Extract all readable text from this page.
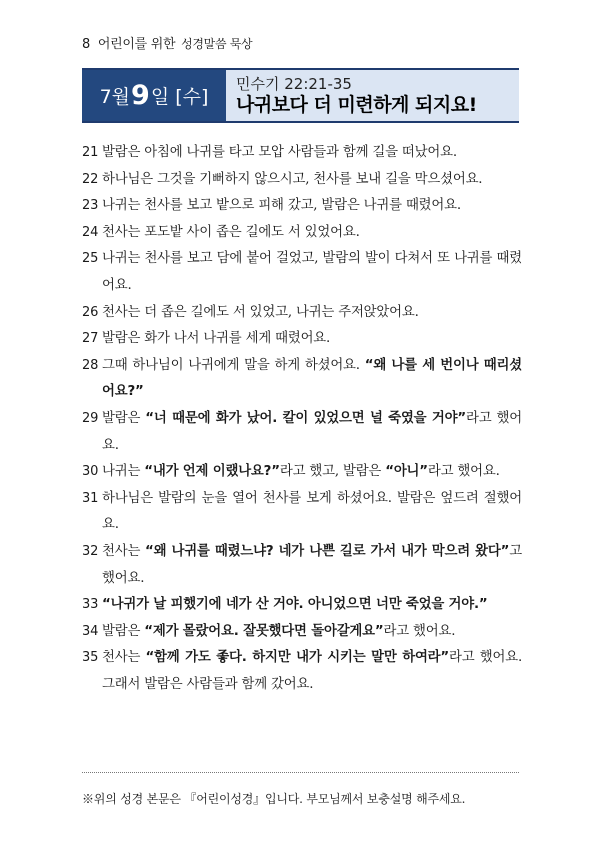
8 어린이를 위한 성경말씀 묵상
7월 9 일 [수]
민수기 22:21-35
나귀보다 더 미련하게 되지요!
21 발람은 아침에 나귀를 타고 모압 사람들과 함께 길을 떠났어요.
22 하나님은 그것을 기뻐하지 않으시고, 천사를 보내 길을 막으셨어요.
23 나귀는 천사를 보고 밭으로 피해 갔고, 발람은 나귀를 때렸어요.
24 천사는 포도밭 사이 좁은 길에도 서 있었어요.
25 나귀는 천사를 보고 담에 붙어 걸었고, 발람의 발이 다쳐서 또 나귀를 때렸어요.
26 천사는 더 좁은 길에도 서 있었고, 나귀는 주저앉았어요.
27 발람은 화가 나서 나귀를 세게 때렸어요.
28 그때 하나님이 나귀에게 말을 하게 하셨어요. “왜 나를 세 번이나 때리셨어요?”
29 발람은 “너 때문에 화가 났어. 칼이 있었으면 널 죽였을 거야”라고 했어요.
30 나귀는 “내가 언제 이랬나요?”라고 했고, 발람은 “아니”라고 했어요.
31 하나님은 발람의 눈을 열어 천사를 보게 하셨어요. 발람은 엎드려 절했어요.
32 천사는 “왜 나귀를 때렸느냐? 네가 나쁜 길로 가서 내가 막으려 왔다”고 했어요.
33 “나귀가 날 피했기에 네가 산 거야. 아니었으면 너만 죽었을 거야.”
34 발람은 “제가 몰랐어요. 잘못했다면 돌아갈게요”라고 했어요.
35 천사는 “함께 가도 좋다. 하지만 내가 시키는 말만 하여라”라고 했어요. 그래서 발람은 사람들과 함께 갔어요.
※위의 성경 본문은 『어린이성경』입니다. 부모님께서 보충설명 해주세요.
